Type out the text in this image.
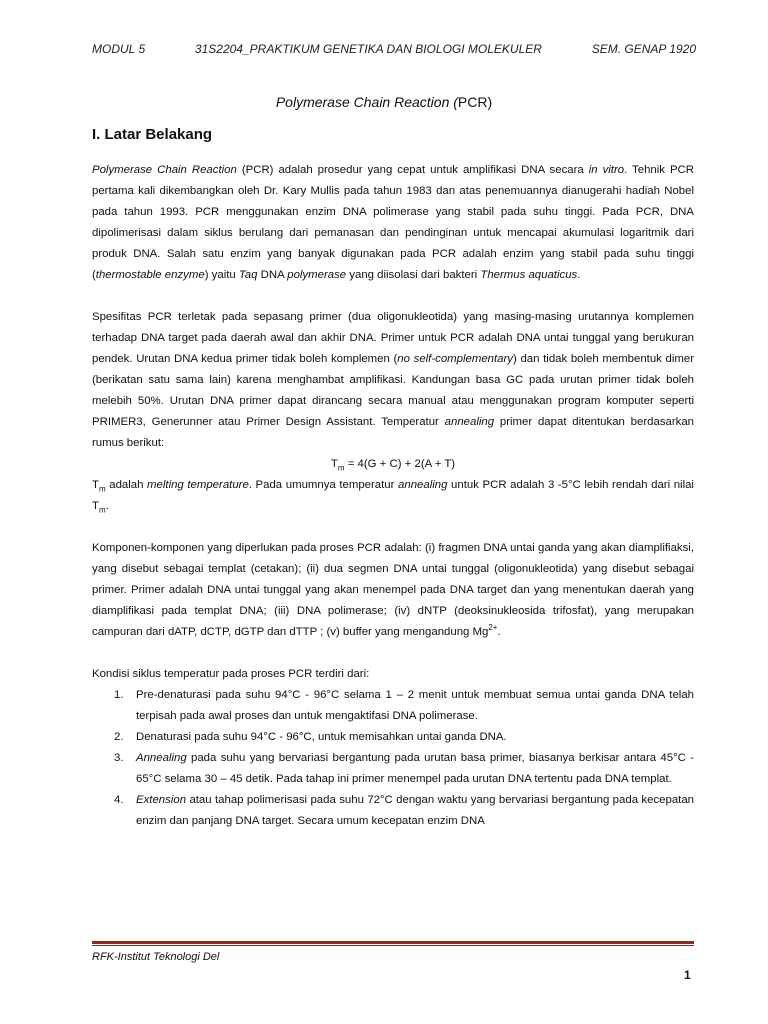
MODUL 5	31S2204_PRAKTIKUM GENETIKA DAN BIOLOGI MOLEKULER	SEM. GENAP 1920
Polymerase Chain Reaction (PCR)
I. Latar Belakang

Polymerase Chain Reaction (PCR) adalah prosedur yang cepat untuk amplifikasi DNA secara in vitro. Tehnik PCR pertama kali dikembangkan oleh Dr. Kary Mullis pada tahun 1983 dan atas penemuannya dianugerahi hadiah Nobel pada tahun 1993. PCR menggunakan enzim DNA polimerase yang stabil pada suhu tinggi. Pada PCR, DNA dipolimerisasi dalam siklus berulang dari pemanasan dan pendinginan untuk mencapai akumulasi logaritmik dari produk DNA. Salah satu enzim yang banyak digunakan pada PCR adalah enzim yang stabil pada suhu tinggi (thermostable enzyme) yaitu Taq DNA polymerase yang diisolasi dari bakteri Thermus aquaticus.

Spesifitas PCR terletak pada sepasang primer (dua oligonukleotida) yang masing-masing urutannya komplemen terhadap DNA target pada daerah awal dan akhir DNA. Primer untuk PCR adalah DNA untai tunggal yang berukuran pendek. Urutan DNA kedua primer tidak boleh komplemen (no self-complementary) dan tidak boleh membentuk dimer (berikatan satu sama lain) karena menghambat amplifikasi. Kandungan basa GC pada urutan primer tidak boleh melebih 50%. Urutan DNA primer dapat dirancang secara manual atau menggunakan program komputer seperti PRIMER3, Generunner atau Primer Design Assistant. Temperatur annealing primer dapat ditentukan berdasarkan rumus berikut:

$T_m = 4(G + C) + 2(A + T)$

$T_m$ adalah melting temperature. Pada umumnya temperatur annealing untuk PCR adalah 3 -5°C lebih rendah dari nilai $T_m$.

Komponen-komponen yang diperlukan pada proses PCR adalah: (i) fragmen DNA untai ganda yang akan diamplifiaksi, yang disebut sebagai templat (cetakan); (ii) dua segmen DNA untai tunggal (oligonukleotida) yang disebut sebagai primer. Primer adalah DNA untai tunggal yang akan menempel pada DNA target dan yang menentukan daerah yang diamplifikasi pada templat DNA; (iii) DNA polimerase; (iv) dNTP (deoksinukleosida trifosfat), yang merupakan campuran dari dATP, dCTP, dGTP dan dTTP ; (v) buffer yang mengandung $Mg^{2+}$.

Kondisi siklus temperatur pada proses PCR terdiri dari:

1.	Pre-denaturasi pada suhu 94°C - 96°C selama 1 – 2 menit untuk membuat semua untai ganda DNA telah terpisah pada awal proses dan untuk mengaktifasi DNA polimerase.
2.	Denaturasi pada suhu 94°C - 96°C, untuk memisahkan untai ganda DNA.
3.	Annealing pada suhu yang bervariasi bergantung pada urutan basa primer, biasanya berkisar antara 45°C - 65°C selama 30 – 45 detik. Pada tahap ini primer menempel pada urutan DNA tertentu pada DNA templat.
4.	Extension atau tahap polimerisasi pada suhu 72°C dengan waktu yang bervariasi bergantung pada kecepatan enzim dan panjang DNA target. Secara umum kecepatan enzim DNA
RFK-Institut Teknologi Del
1
